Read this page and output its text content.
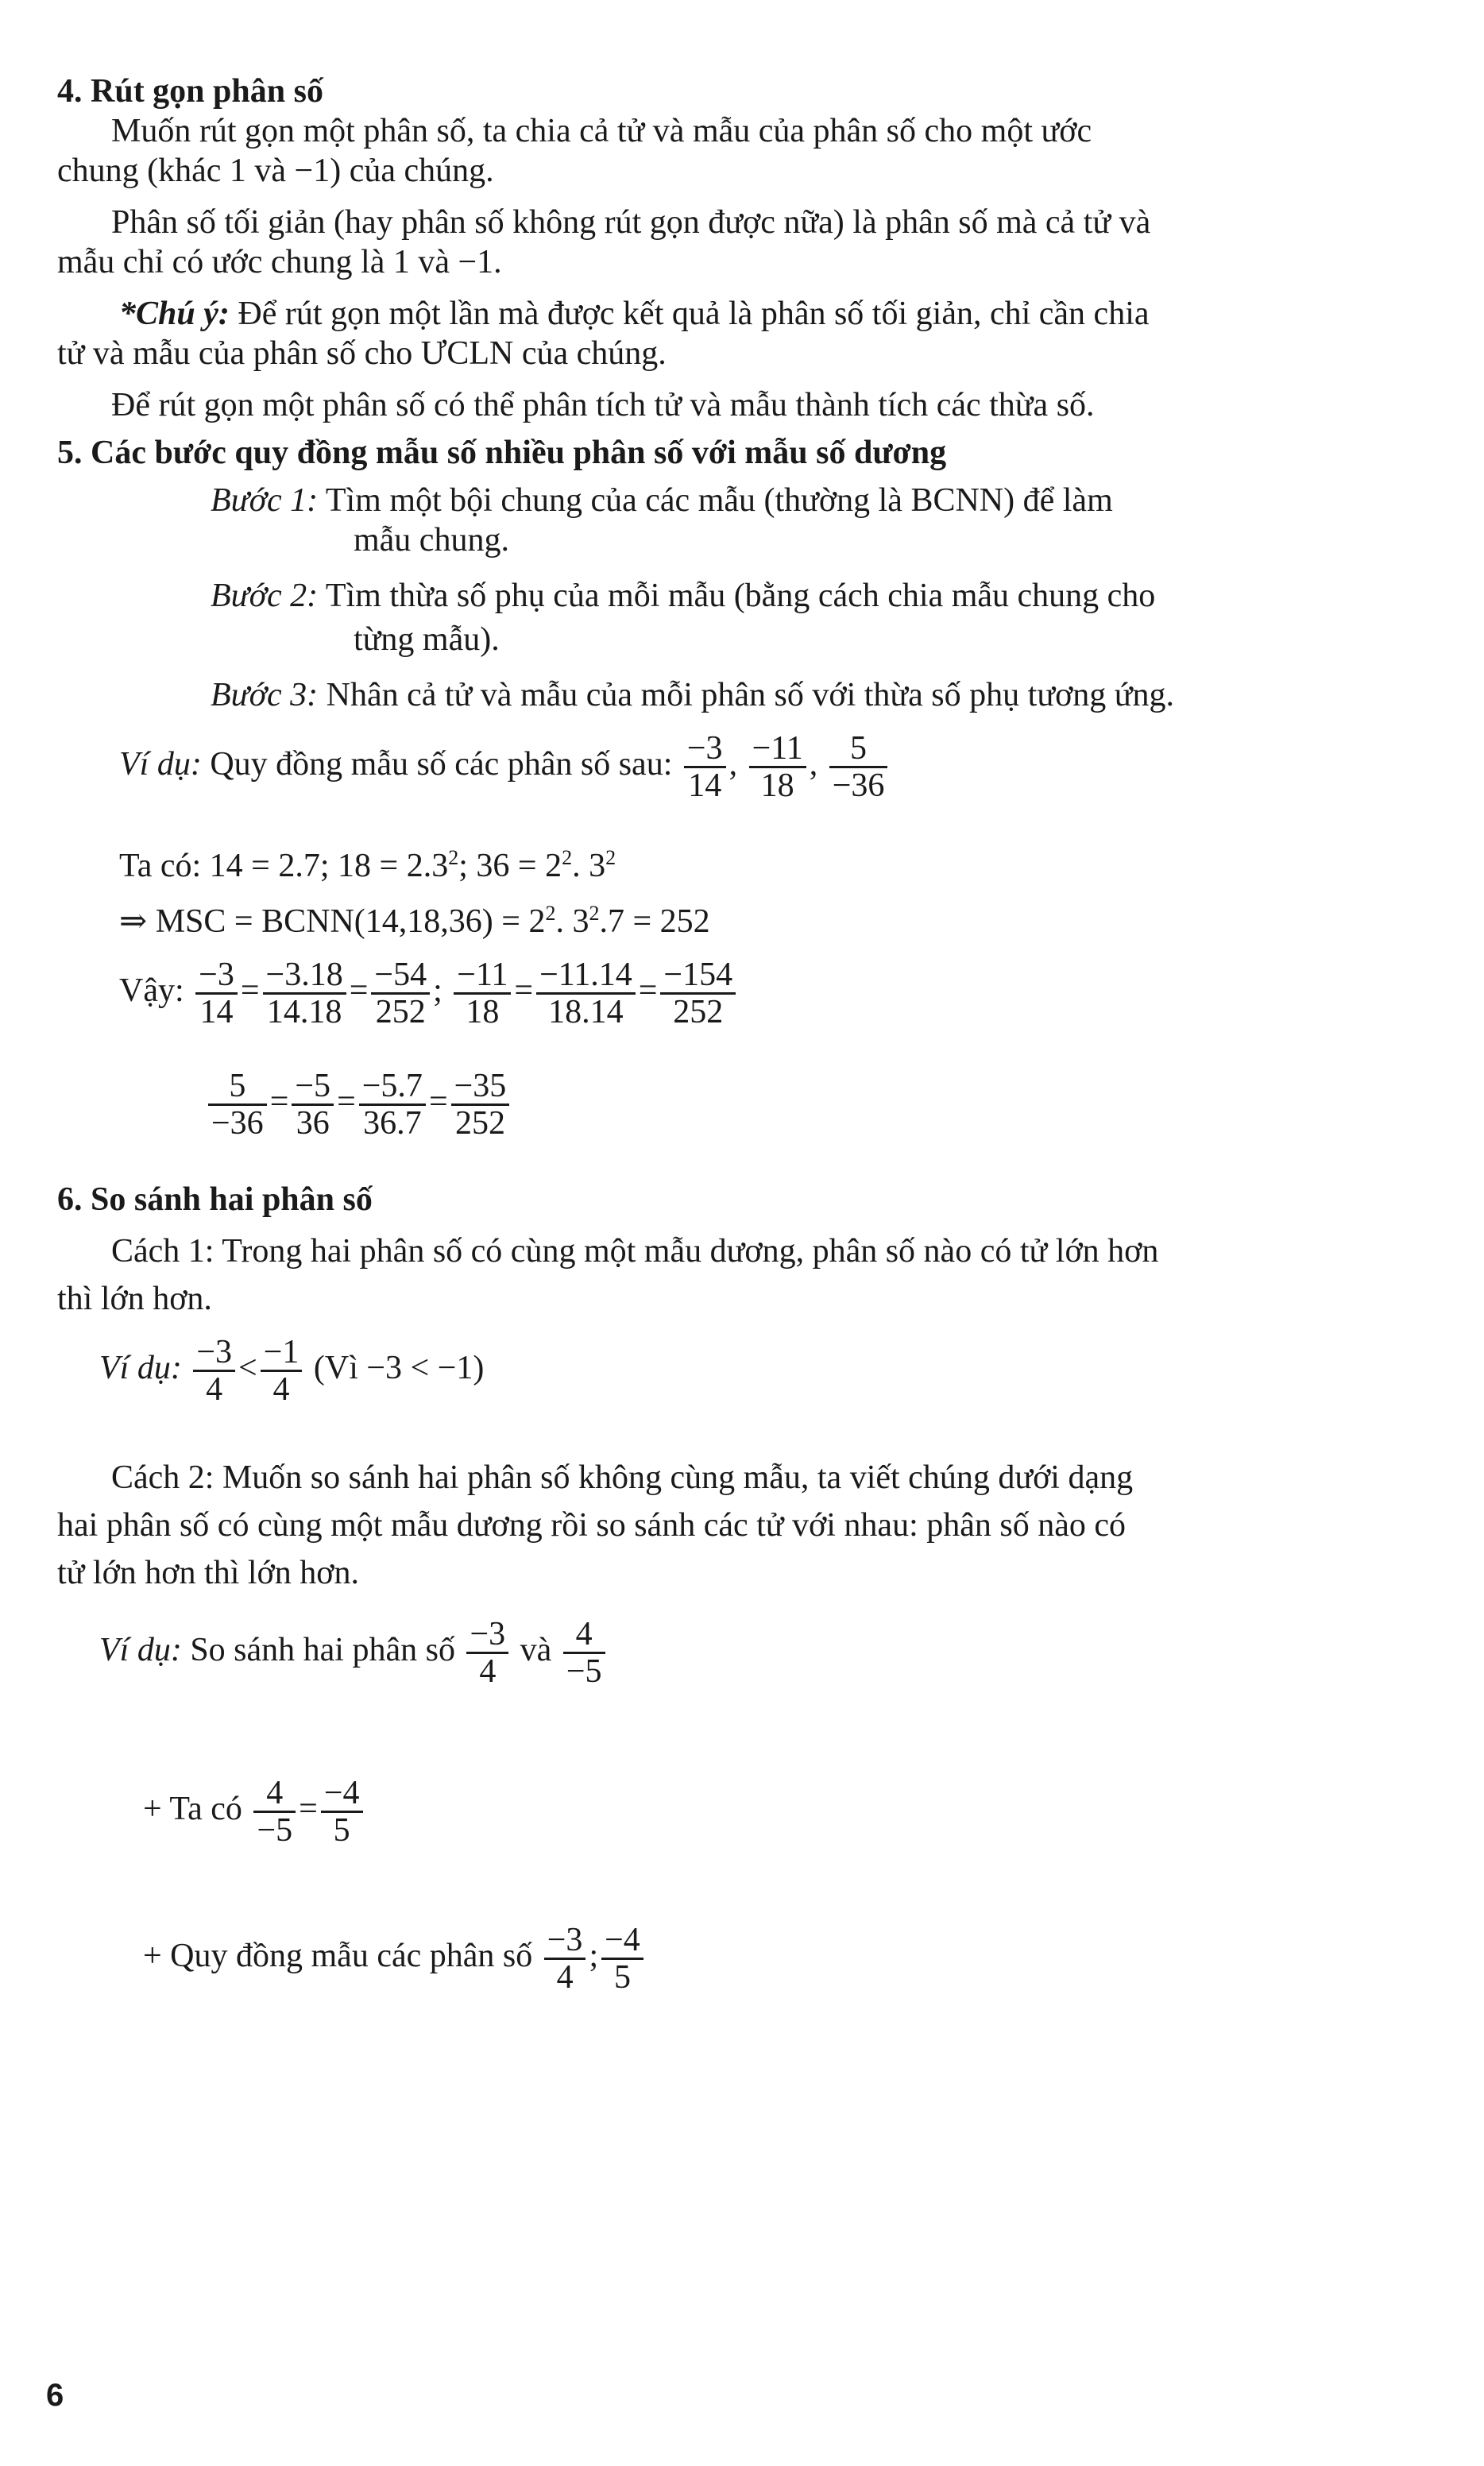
4. Rút gọn phân số
Muốn rút gọn một phân số, ta chia cả tử và mẫu của phân số cho một ước
chung (khác 1 và −1) của chúng.
Phân số tối giản (hay phân số không rút gọn được nữa) là phân số mà cả tử và
mẫu chỉ có ước chung là 1 và −1.
*Chú ý: Để rút gọn một lần mà được kết quả là phân số tối giản, chỉ cần chia
tử và mẫu của phân số cho ƯCLN của chúng.
Để rút gọn một phân số có thể phân tích tử và mẫu thành tích các thừa số.
5. Các bước quy đồng mẫu số nhiều phân số với mẫu số dương
Bước 1: Tìm một bội chung của các mẫu (thường là BCNN) để làm
mẫu chung.
Bước 2: Tìm thừa số phụ của mỗi mẫu (bằng cách chia mẫu chung cho
từng mẫu).
Bước 3: Nhân cả tử và mẫu của mỗi phân số với thừa số phụ tương ứng.
Ví dụ: Quy đồng mẫu số các phân số sau: $\frac{-3}{14}$ , $\frac{-11}{18}$ , $\frac{5}{-36}$
Ta có: 14 = 2.7; $18 = 2.3^2$; $36 = 2^2$. $3^2$
⇒ MSC = BCNN(14,18,36) = $2^2$. $3^2.7 = 252$
Vậy: $\frac{-3}{14} = \frac{-3.18}{14.18} = \frac{-54}{252}$ ; $\frac{-11}{18} = \frac{-11.14}{18.14} = \frac{-154}{252}$
$\frac{5}{-36} = \frac{-5}{36} = \frac{-5.7}{36.7} = \frac{-35}{252}$
6. So sánh hai phân số
Cách 1: Trong hai phân số có cùng một mẫu dương, phân số nào có tử lớn hơn
thì lớn hơn.
Ví dụ: $\frac{-3}{4} < \frac{-1}{4}$ (Vì −3 < −1)
Cách 2: Muốn so sánh hai phân số không cùng mẫu, ta viết chúng dưới dạng
hai phân số có cùng một mẫu dương rồi so sánh các tử với nhau: phân số nào có
tử lớn hơn thì lớn hơn.
Ví dụ: So sánh hai phân số $\frac{-3}{4}$ và $\frac{4}{-5}$
+ Ta có $\frac{4}{-5} = \frac{-4}{5}$
+ Quy đồng mẫu các phân số $\frac{-3}{4}$ ; $\frac{-4}{5}$
6
